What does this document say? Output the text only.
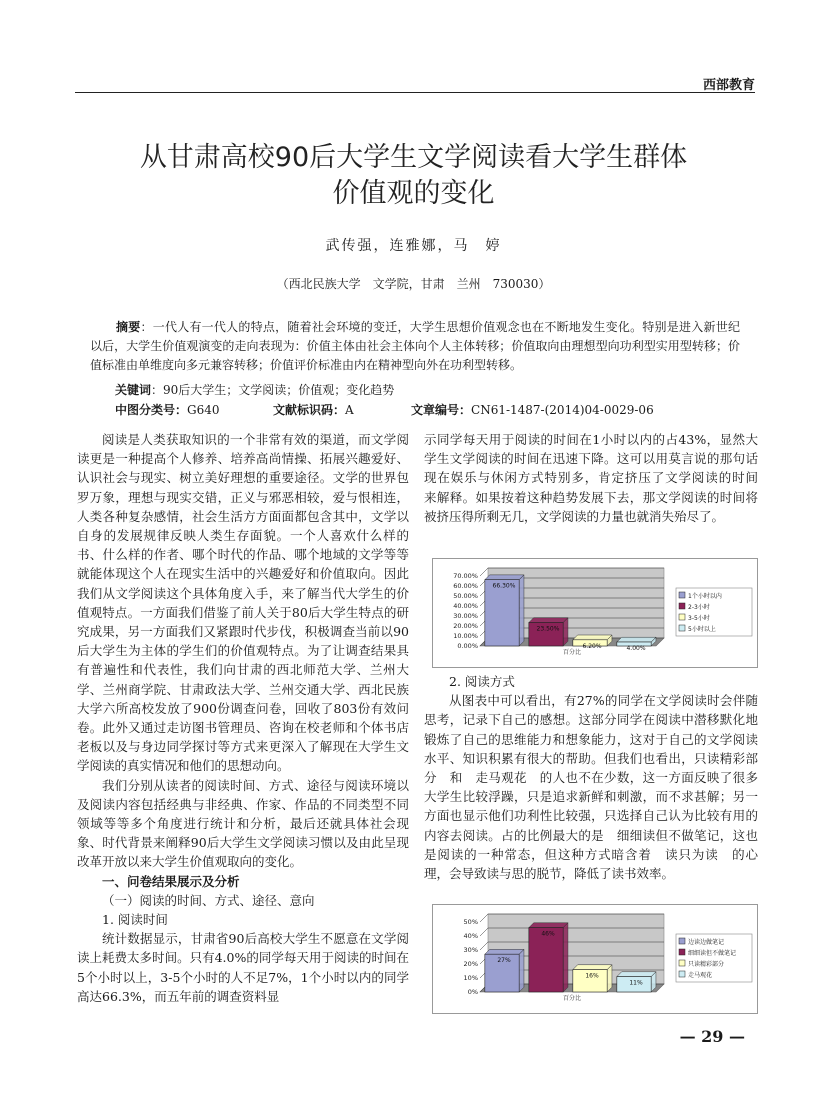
西部教育
从甘肃高校90后大学生文学阅读看大学生群体
价值观的变化
武传强，连雅娜，马　婷
（西北民族大学　文学院，甘肃　兰州　730030）
摘要：一代人有一代人的特点，随着社会环境的变迁，大学生思想价值观念也在不断地发生变化。特别是进入新世纪以后，大学生价值观演变的走向表现为：价值主体由社会主体向个人主体转移；价值取向由理想型向功利型实用型转移；价值标准由单维度向多元兼容转移；价值评价标准由内在精神型向外在功利型转移。
关键词：90后大学生；文学阅读；价值观；变化趋势
中图分类号：G640	文献标识码：A	文章编号：CN61-1487-(2014)04-0029-06

阅读是人类获取知识的一个非常有效的渠道，而文学阅读更是一种提高个人修养、培养高尚情操、拓展兴趣爱好、认识社会与现实、树立美好理想的重要途径。文学的世界包罗万象，理想与现实交错，正义与邪恶相较，爱与恨相连，人类各种复杂感情，社会生活方方面面都包含其中，文学以自身的发展规律反映人类生存面貌。一个人喜欢什么样的书、什么样的作者、哪个时代的作品、哪个地域的文学等等就能体现这个人在现实生活中的兴趣爱好和价值取向。因此我们从文学阅读这个具体角度入手，来了解当代大学生的价值观特点。一方面我们借鉴了前人关于80后大学生特点的研究成果，另一方面我们又紧跟时代步伐，积极调查当前以90后大学生为主体的学生们的价值观特点。为了让调查结果具有普遍性和代表性，我们向甘肃的西北师范大学、兰州大学、兰州商学院、甘肃政法大学、兰州交通大学、西北民族大学六所高校发放了900份调查问卷，回收了803份有效问卷。此外又通过走访图书管理员、咨询在校老师和个体书店老板以及与身边同学探讨等方式来更深入了解现在大学生文学阅读的真实情况和他们的思想动向。

我们分别从读者的阅读时间、方式、途径与阅读环境以及阅读内容包括经典与非经典、作家、作品的不同类型不同领域等等多个角度进行统计和分析，最后还就具体社会现象、时代背景来阐释90后大学生文学阅读习惯以及由此呈现改革开放以来大学生价值观取向的变化。

一、问卷结果展示及分析

（一）阅读的时间、方式、途径、意向

1. 阅读时间

统计数据显示，甘肃省90后高校大学生不愿意在文学阅读上耗费太多时间。只有4.0%的同学每天用于阅读的时间在5个小时以上，3-5个小时的人不足7%，1个小时以内的同学高达66.3%，而五年前的调查资料显

示同学每天用于阅读的时间在1小时以内的占43%，显然大学生文学阅读的时间在迅速下降。这可以用莫言说的那句话　现在娱乐与休闲方式特别多，肯定挤压了文学阅读的时间　来解释。如果按着这种趋势发展下去，那文学阅读的时间将被挤压得所剩无几，文学阅读的力量也就消失殆尽了。

0.00%
10.00%
20.00%
30.00%
40.00%
50.00%
60.00%
70.00%
66.30%
23.50%
6.20%	4.00%
百分比
1个小时以内
2-3小时
3-5小时
5小时以上

2. 阅读方式

从图表中可以看出，有27%的同学在文学阅读时会伴随思考，记录下自己的感想。这部分同学在阅读中潜移默化地锻炼了自己的思维能力和想象能力，这对于自己的文学阅读水平、知识积累有很大的帮助。但我们也看出，只读精彩部分　和　走马观花　的人也不在少数，这一方面反映了很多大学生比较浮躁，只是追求新鲜和刺激，而不求甚解；另一方面也显示他们功利性比较强，只选择自己认为比较有用的内容去阅读。占的比例最大的是　细细读但不做笔记，这也是阅读的一种常态，但这种方式暗含着　读只为读　的心理，会导致读与思的脱节，降低了读书效率。

0%
10%
20%
30%
40%
50%
27%
46%
16%
11%
百分比
边读边做笔记
细细读但不做笔记
只读精彩部分
走马观花
— 29 —
